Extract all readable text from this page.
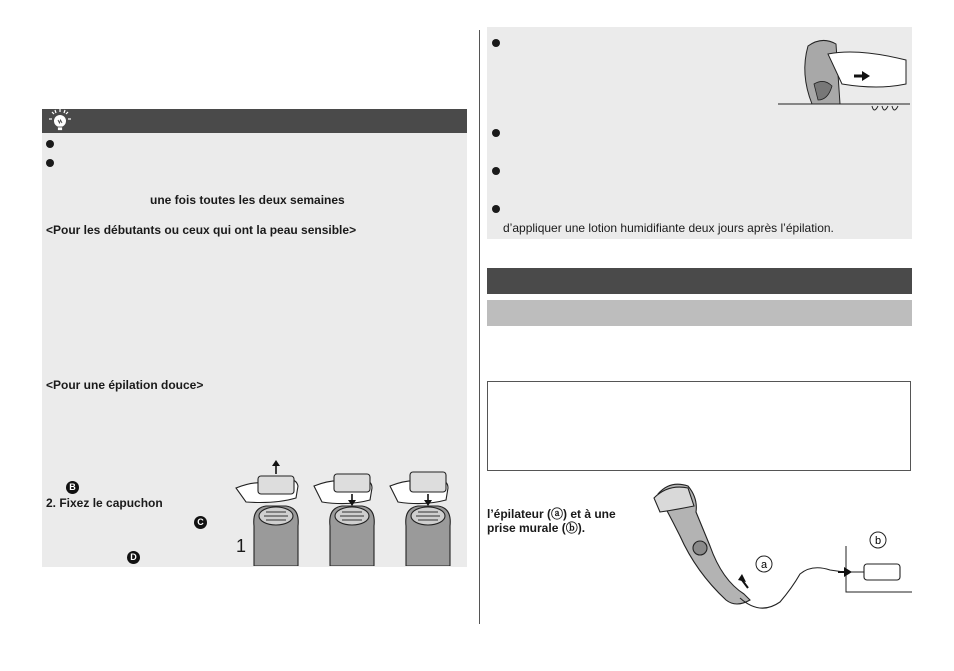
une fois toutes les deux semaines
<Pour les débutants ou ceux qui ont la peau sensible>
<Pour une épilation douce>
B
2. Fixez le capuchon
C
D
1
d’appliquer une lotion humidifiante deux jours après l’épilation.
l’épilateur (ⓐ) et à une
prise murale (ⓑ).
a
b
